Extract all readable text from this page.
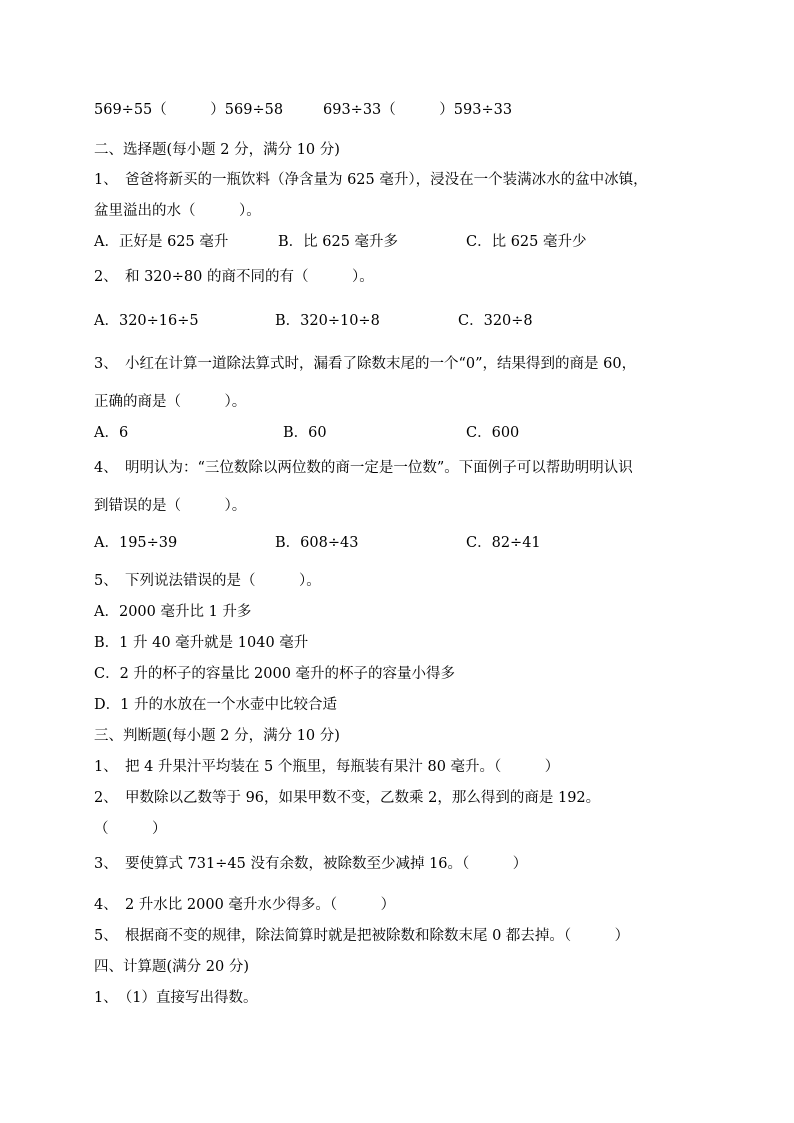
569÷55（　　　）569÷58	693÷33（　　　）593÷33
二、选择题(每小题 2 分，满分 10 分)
1、　爸爸将新买的一瓶饮料（净含量为 625 毫升），浸没在一个装满冰水的盆中冰镇，
盆里溢出的水（　　　）。
A．正好是 625 毫升	B．比 625 毫升多	C．比 625 毫升少
2、　和 320÷80 的商不同的有（　　　）。
A．320÷16÷5	B．320÷10÷8	C．320÷8
3、　小红在计算一道除法算式时，漏看了除数末尾的一个“0”，结果得到的商是 60，
正确的商是（　　　）。
A．6	B．60	C．600
4、　明明认为：“三位数除以两位数的商一定是一位数”。下面例子可以帮助明明认识
到错误的是（　　　）。
A．195÷39	B．608÷43	C．82÷41
5、　下列说法错误的是（　　　）。
A．2000 毫升比 1 升多
B．1 升 40 毫升就是 1040 毫升
C．2 升的杯子的容量比 2000 毫升的杯子的容量小得多
D．1 升的水放在一个水壶中比较合适
三、判断题(每小题 2 分，满分 10 分)
1、　把 4 升果汁平均装在 5 个瓶里，每瓶装有果汁 80 毫升。（　　　）
2、　甲数除以乙数等于 96，如果甲数不变，乙数乘 2，那么得到的商是 192。
（　　　）
3、　要使算式 731÷45 没有余数，被除数至少减掉 16。（　　　）
4、　2 升水比 2000 毫升水少得多。（　　　）
5、　根据商不变的规律，除法简算时就是把被除数和除数末尾 0 都去掉。（　　　）
四、计算题(满分 20 分)
1、　（1）直接写出得数。
